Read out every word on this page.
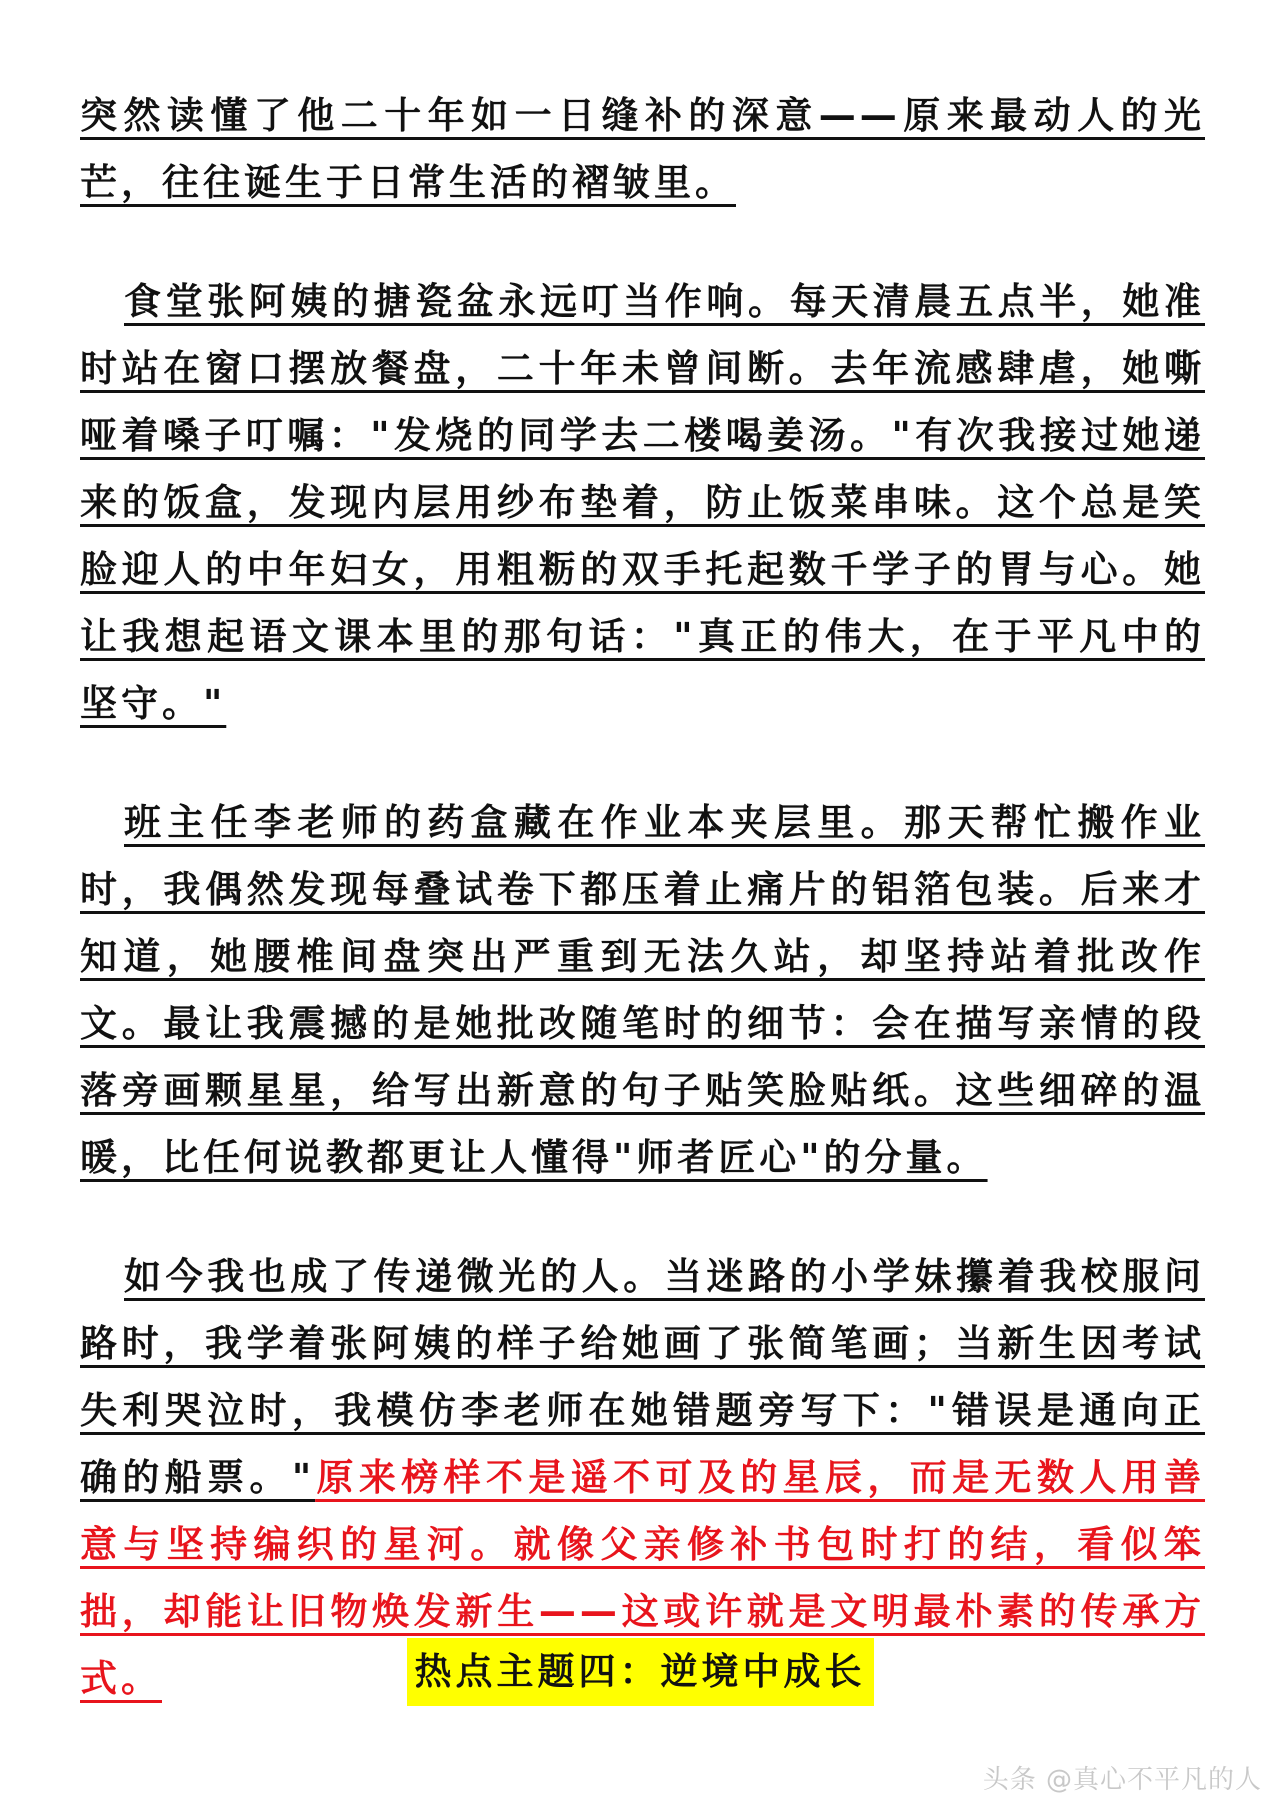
突然读懂了他二十年如一日缝补的深意——原来最动人的光芒，往往诞生于日常生活的褶皱里。

食堂张阿姨的搪瓷盆永远叮当作响。每天清晨五点半，她准时站在窗口摆放餐盘，二十年未曾间断。去年流感肆虐，她嘶哑着嗓子叮嘱："发烧的同学去二楼喝姜汤。"有次我接过她递来的饭盒，发现内层用纱布垫着，防止饭菜串味。这个总是笑脸迎人的中年妇女，用粗粝的双手托起数千学子的胃与心。她让我想起语文课本里的那句话："真正的伟大，在于平凡中的坚守。"

班主任李老师的药盒藏在作业本夹层里。那天帮忙搬作业时，我偶然发现每叠试卷下都压着止痛片的铝箔包装。后来才知道，她腰椎间盘突出严重到无法久站，却坚持站着批改作文。最让我震撼的是她批改随笔时的细节：会在描写亲情的段落旁画颗星星，给写出新意的句子贴笑脸贴纸。这些细碎的温暖，比任何说教都更让人懂得"师者匠心"的分量。

如今我也成了传递微光的人。当迷路的小学妹攥着我校服问路时，我学着张阿姨的样子给她画了张简笔画；当新生因考试失利哭泣时，我模仿李老师在她错题旁写下："错误是通向正确的船票。"原来榜样不是遥不可及的星辰，而是无数人用善意与坚持编织的星河。就像父亲修补书包时打的结，看似笨拙，却能让旧物焕发新生——这或许就是文明最朴素的传承方式。	热点主题四：逆境中成长
头条 @真心不平凡的人
